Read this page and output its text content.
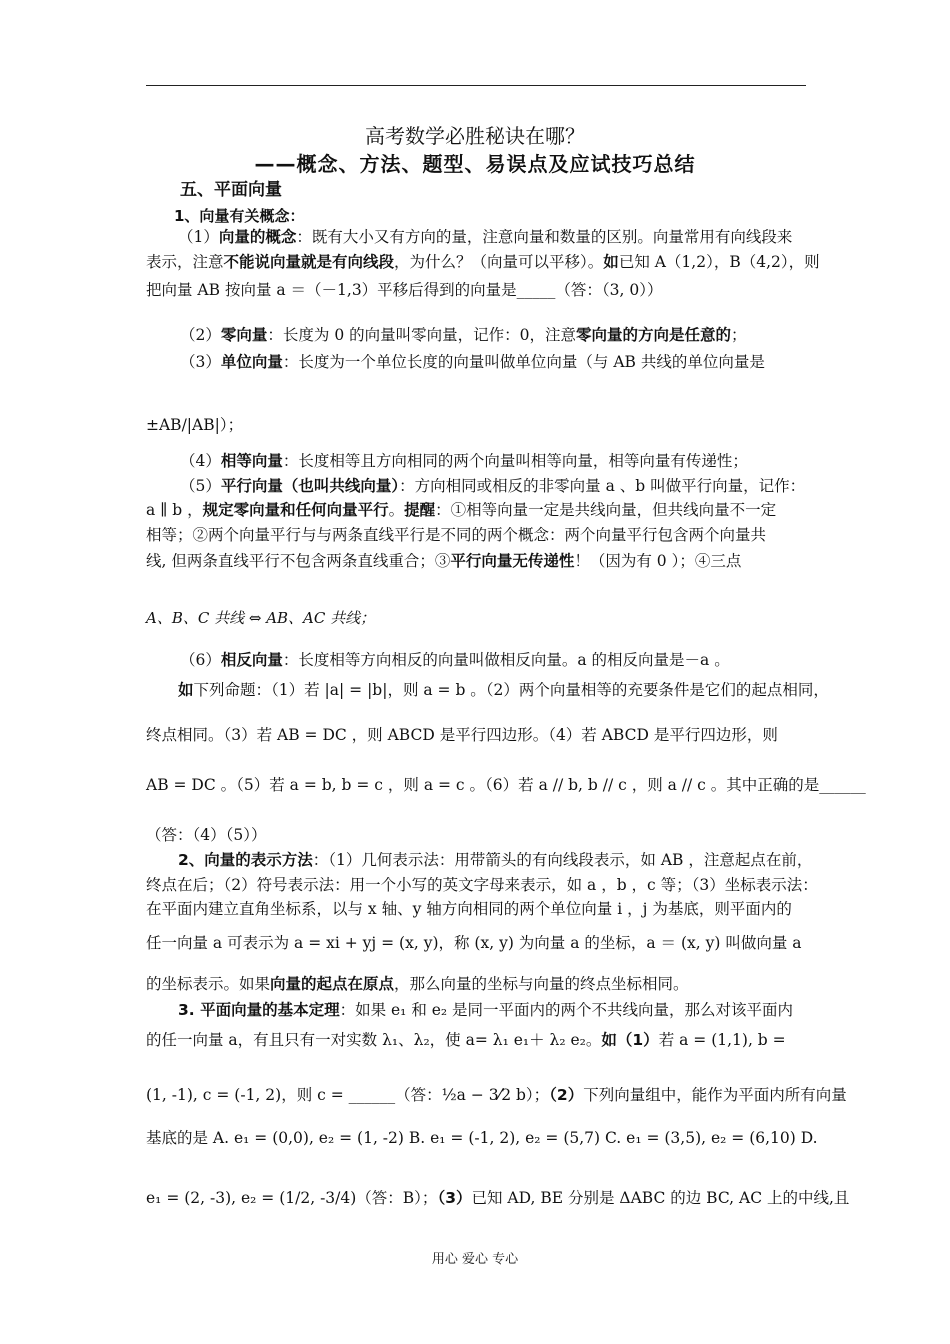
高考数学必胜秘诀在哪？
——概念、方法、题型、易误点及应试技巧总结
五、平面向量
1、向量有关概念：
（1）向量的概念：既有大小又有方向的量，注意向量和数量的区别。向量常用有向线段来
表示，注意不能说向量就是有向线段，为什么？（向量可以平移）。如已知 A（1,2），B（4,2），则
把向量 AB 按向量 a ＝（－1,3）平移后得到的向量是_____（答：（3, 0））
（2）零向量：长度为 0 的向量叫零向量，记作：0，注意零向量的方向是任意的；
（3）单位向量：长度为一个单位长度的向量叫做单位向量（与 AB 共线的单位向量是
±AB/|AB|）；
（4）相等向量：长度相等且方向相同的两个向量叫相等向量，相等向量有传递性；
（5）平行向量（也叫共线向量）：方向相同或相反的非零向量 a 、b 叫做平行向量，记作：
a ∥ b ，规定零向量和任何向量平行。提醒：①相等向量一定是共线向量，但共线向量不一定
相等；②两个向量平行与与两条直线平行是不同的两个概念：两个向量平行包含两个向量共
线, 但两条直线平行不包含两条直线重合；③平行向量无传递性！（因为有 0 ）；④三点
A、B、C 共线 ⇔ AB、AC 共线；
（6）相反向量：长度相等方向相反的向量叫做相反向量。a 的相反向量是－a 。
如下列命题：（1）若 |a| = |b|，则 a = b 。（2）两个向量相等的充要条件是它们的起点相同，
终点相同。（3）若 AB = DC ，则 ABCD 是平行四边形。（4）若 ABCD 是平行四边形，则
AB = DC 。（5）若 a = b, b = c ，则 a = c 。（6）若 a // b, b // c ，则 a // c 。其中正确的是______
（答：（4）（5））
2、向量的表示方法：（1）几何表示法：用带箭头的有向线段表示，如 AB ，注意起点在前，
终点在后；（2）符号表示法：用一个小写的英文字母来表示，如 a ，b ，c 等；（3）坐标表示法：
在平面内建立直角坐标系，以与 x 轴、y 轴方向相同的两个单位向量 i ，j 为基底，则平面内的
任一向量 a 可表示为 a = xi + yj = (x, y)，称 (x, y) 为向量 a 的坐标，a ＝ (x, y) 叫做向量 a
的坐标表示。如果向量的起点在原点，那么向量的坐标与向量的终点坐标相同。
3. 平面向量的基本定理：如果 e₁ 和 e₂ 是同一平面内的两个不共线向量，那么对该平面内
的任一向量 a，有且只有一对实数 λ₁、λ₂，使 a= λ₁ e₁＋ λ₂ e₂。如（1）若 a = (1,1), b =
(1, -1), c = (-1, 2)，则 c = ______（答：½a − 3⁄2 b）；（2）下列向量组中，能作为平面内所有向量
基底的是 A. e₁ = (0,0), e₂ = (1, -2) B. e₁ = (-1, 2), e₂ = (5,7) C. e₁ = (3,5), e₂ = (6,10) D.
e₁ = (2, -3), e₂ = (1/2, -3/4)（答：B）；（3）已知 AD, BE 分别是 ΔABC 的边 BC, AC 上的中线,且
用心 爱心 专心
